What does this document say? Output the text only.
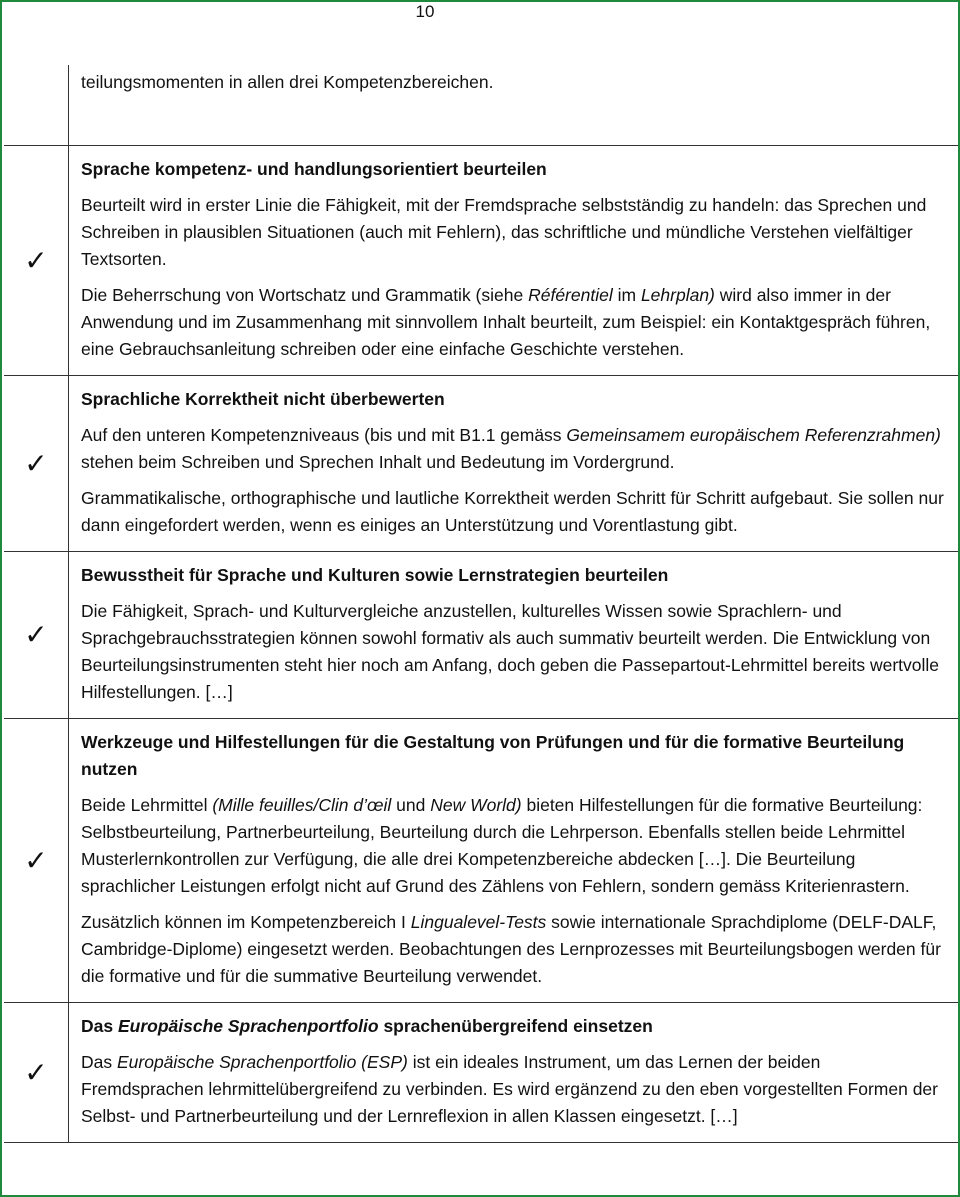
10

	teilungsmomenten in allen drei Kompetenzbereichen.

✓	Sprache kompetenz- und handlungsorientiert beurteilen

Beurteilt wird in erster Linie die Fähigkeit, mit der Fremdsprache selbstständig zu handeln: das Sprechen und Schreiben in plausiblen Situationen (auch mit Fehlern), das schriftliche und mündliche Verstehen vielfältiger Textsorten.

Die Beherrschung von Wortschatz und Grammatik (siehe Référentiel im Lehrplan) wird also immer in der Anwendung und im Zusammenhang mit sinnvollem Inhalt beurteilt, zum Beispiel: ein Kontaktgespräch führen, eine Gebrauchsanleitung schreiben oder eine einfache Geschichte verstehen.

✓	Sprachliche Korrektheit nicht überbewerten

Auf den unteren Kompetenzniveaus (bis und mit B1.1 gemäss Gemeinsamem europäischem Referenzrahmen) stehen beim Schreiben und Sprechen Inhalt und Bedeutung im Vordergrund.

Grammatikalische, orthographische und lautliche Korrektheit werden Schritt für Schritt aufgebaut. Sie sollen nur dann eingefordert werden, wenn es einiges an Unterstützung und Vorentlastung gibt.

✓	Bewusstheit für Sprache und Kulturen sowie Lernstrategien beurteilen

Die Fähigkeit, Sprach- und Kulturvergleiche anzustellen, kulturelles Wissen sowie Sprachlern- und Sprachgebrauchsstrategien können sowohl formativ als auch summativ beurteilt werden. Die Entwicklung von Beurteilungsinstrumenten steht hier noch am Anfang, doch geben die Passepartout-Lehrmittel bereits wertvolle Hilfestellungen. […]

✓	Werkzeuge und Hilfestellungen für die Gestaltung von Prüfungen und für die formative Beurteilung nutzen

Beide Lehrmittel (Mille feuilles/Clin d’œil und New World) bieten Hilfestellungen für die formative Beurteilung: Selbstbeurteilung, Partnerbeurteilung, Beurteilung durch die Lehrperson. Ebenfalls stellen beide Lehrmittel Musterlernkontrollen zur Verfügung, die alle drei Kompetenzbereiche abdecken […]. Die Beurteilung sprachlicher Leistungen erfolgt nicht auf Grund des Zählens von Fehlern, sondern gemäss Kriterienrastern.

Zusätzlich können im Kompetenzbereich I Lingualevel-Tests sowie internationale Sprachdiplome (DELF-DALF, Cambridge-Diplome) eingesetzt werden. Beobachtungen des Lernprozesses mit Beurteilungsbogen werden für die formative und für die summative Beurteilung verwendet.

✓	Das Europäische Sprachenportfolio sprachenübergreifend einsetzen

Das Europäische Sprachenportfolio (ESP) ist ein ideales Instrument, um das Lernen der beiden Fremdsprachen lehrmittelübergreifend zu verbinden. Es wird ergänzend zu den eben vorgestellten Formen der Selbst- und Partnerbeurteilung und der Lernreflexion in allen Klassen eingesetzt. […]
